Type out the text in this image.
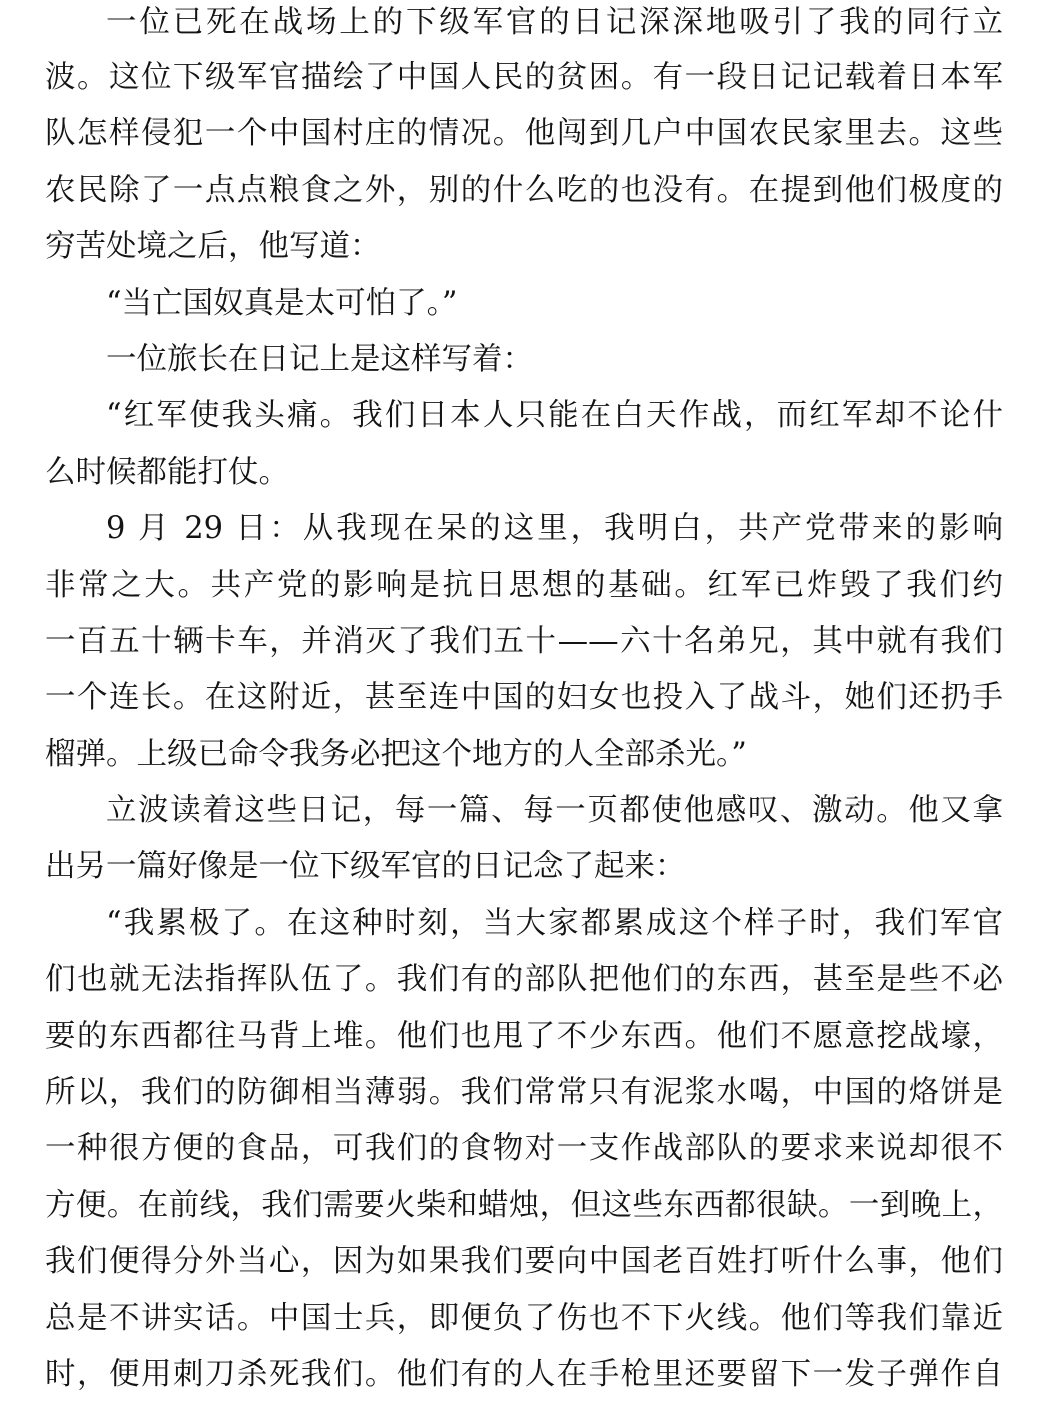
一位已死在战场上的下级军官的日记深深地吸引了我的同行立
波。这位下级军官描绘了中国人民的贫困。有一段日记记载着日本军
队怎样侵犯一个中国村庄的情况。他闯到几户中国农民家里去。这些
农民除了一点点粮食之外，别的什么吃的也没有。在提到他们极度的
穷苦处境之后，他写道：
“当亡国奴真是太可怕了。”
一位旅长在日记上是这样写着：
“红军使我头痛。我们日本人只能在白天作战，而红军却不论什
么时候都能打仗。
9 月 29 日：从我现在呆的这里，我明白，共产党带来的影响
非常之大。共产党的影响是抗日思想的基础。红军已炸毁了我们约
一百五十辆卡车，并消灭了我们五十——六十名弟兄，其中就有我们
一个连长。在这附近，甚至连中国的妇女也投入了战斗，她们还扔手
榴弹。上级已命令我务必把这个地方的人全部杀光。”
立波读着这些日记，每一篇、每一页都使他感叹、激动。他又拿
出另一篇好像是一位下级军官的日记念了起来：
“我累极了。在这种时刻，当大家都累成这个样子时，我们军官
们也就无法指挥队伍了。我们有的部队把他们的东西，甚至是些不必
要的东西都往马背上堆。他们也甩了不少东西。他们不愿意挖战壕，
所以，我们的防御相当薄弱。我们常常只有泥浆水喝，中国的烙饼是
一种很方便的食品，可我们的食物对一支作战部队的要求来说却很不
方便。在前线，我们需要火柴和蜡烛，但这些东西都很缺。一到晚上，
我们便得分外当心，因为如果我们要向中国老百姓打听什么事，他们
总是不讲实话。中国士兵，即便负了伤也不下火线。他们等我们靠近
时，便用刺刀杀死我们。他们有的人在手枪里还要留下一发子弹作自
